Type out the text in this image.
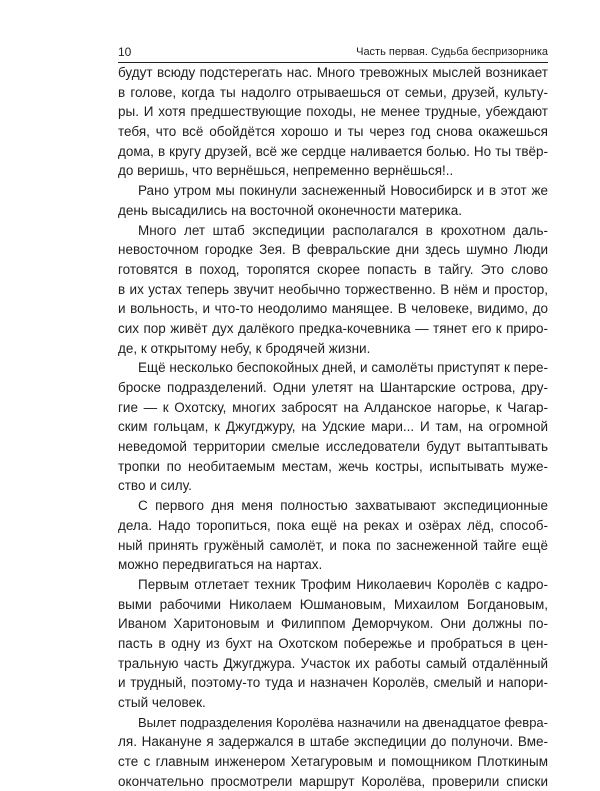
10	Часть первая. Судьба беспризорника
будут всюду подстерегать нас. Много тревожных мыслей возникает
в голове, когда ты надолго отрываешься от семьи, друзей, культу-
ры. И хотя предшествующие походы, не менее трудные, убеждают
тебя, что всё обойдётся хорошо и ты через год снова окажешься
дома, в кругу друзей, всё же сердце наливается болью. Но ты твёр-
до веришь, что вернёшься, непременно вернёшься!..
Рано утром мы покинули заснеженный Новосибирск и в этот же
день высадились на восточной оконечности материка.
Много лет штаб экспедиции располагался в крохотном даль-
невосточном городке Зея. В февральские дни здесь шумно Люди
готовятся в поход, торопятся скорее попасть в тайгу. Это слово
в их устах теперь звучит необычно торжественно. В нём и простор,
и вольность, и что-то неодолимо манящее. В человеке, видимо, до
сих пор живёт дух далёкого предка-кочевника — тянет его к приро-
де, к открытому небу, к бродячей жизни.
Ещё несколько беспокойных дней, и самолёты приступят к пере-
броске подразделений. Одни улетят на Шантарские острова, дру-
гие — к Охотску, многих забросят на Алданское нагорье, к Чагар-
ским гольцам, к Джугджуру, на Удские мари... И там, на огромной
неведомой территории смелые исследователи будут вытаптывать
тропки по необитаемым местам, жечь костры, испытывать муже-
ство и силу.
С первого дня меня полностью захватывают экспедиционные
дела. Надо торопиться, пока ещё на реках и озёрах лёд, способ-
ный принять гружёный самолёт, и пока по заснеженной тайге ещё
можно передвигаться на нартах.
Первым отлетает техник Трофим Николаевич Королёв с кадро-
выми рабочими Николаем Юшмановым, Михаилом Богдановым,
Иваном Харитоновым и Филиппом Деморчуком. Они должны по-
пасть в одну из бухт на Охотском побережье и пробраться в цен-
тральную часть Джугджура. Участок их работы самый отдалённый
и трудный, поэтому-то туда и назначен Королёв, смелый и напори-
стый человек.
Вылет подразделения Королёва назначили на двенадцатое февра-
ля. Накануне я задержался в штабе экспедиции до полуночи. Вме-
сте с главным инженером Хетагуровым и помощником Плоткиным
окончательно просмотрели маршрут Королёва, проверили списки
